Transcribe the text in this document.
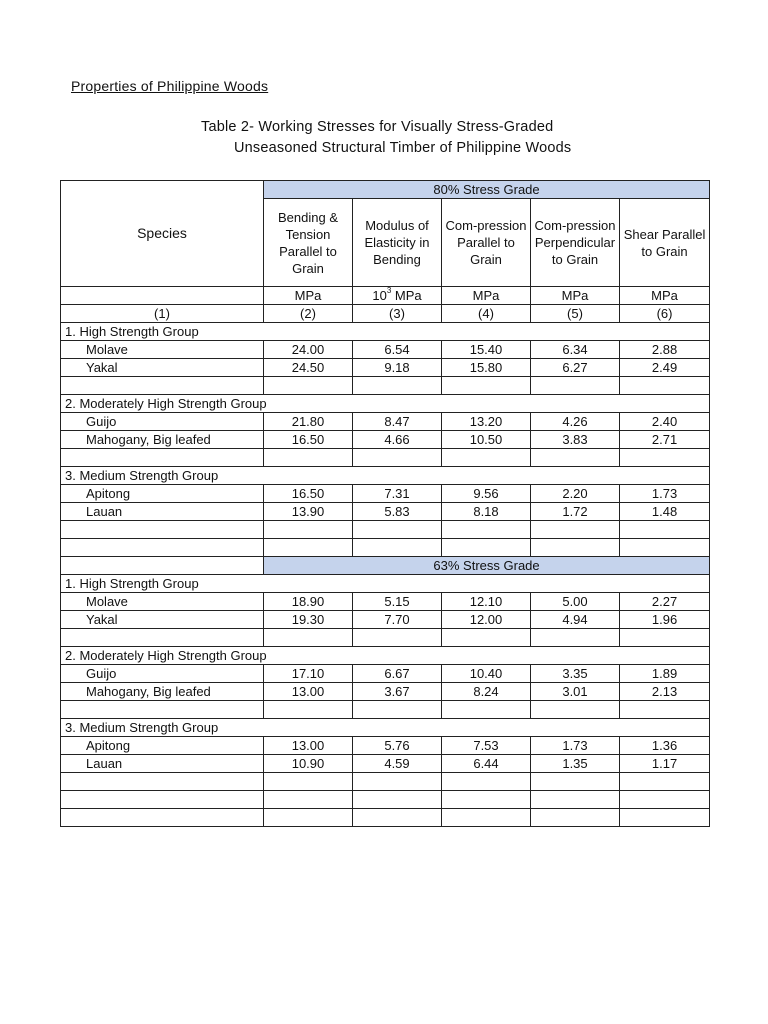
Properties of Philippine Woods
Table 2- Working Stresses for Visually Stress-Graded
Unseasoned Structural Timber of Philippine Woods
Species	80% Stress Grade				
	Bending & Tension Parallel to Grain	Modulus of Elasticity in Bending	Com-pression Parallel to Grain	Com-pression Perpendicular to Grain	Shear Parallel to Grain
	MPa	$10^3$ MPa	MPa	MPa	MPa
(1)	(2)	(3)	(4)	(5)	(6)
1. High Strength Group					
Molave	24.00	6.54	15.40	6.34	2.88
Yakal	24.50	9.18	15.80	6.27	2.49

2. Moderately High Strength Group					
Guijo	21.80	8.47	13.20	4.26	2.40
Mahogany, Big leafed	16.50	4.66	10.50	3.83	2.71

3. Medium Strength Group					
Apitong	16.50	7.31	9.56	2.20	1.73
Lauan	13.90	5.83	8.18	1.72	1.48

	63% Stress Grade				
1. High Strength Group					
Molave	18.90	5.15	12.10	5.00	2.27
Yakal	19.30	7.70	12.00	4.94	1.96

2. Moderately High Strength Group					
Guijo	17.10	6.67	10.40	3.35	1.89
Mahogany, Big leafed	13.00	3.67	8.24	3.01	2.13

3. Medium Strength Group					
Apitong	13.00	5.76	7.53	1.73	1.36
Lauan	10.90	4.59	6.44	1.35	1.17
